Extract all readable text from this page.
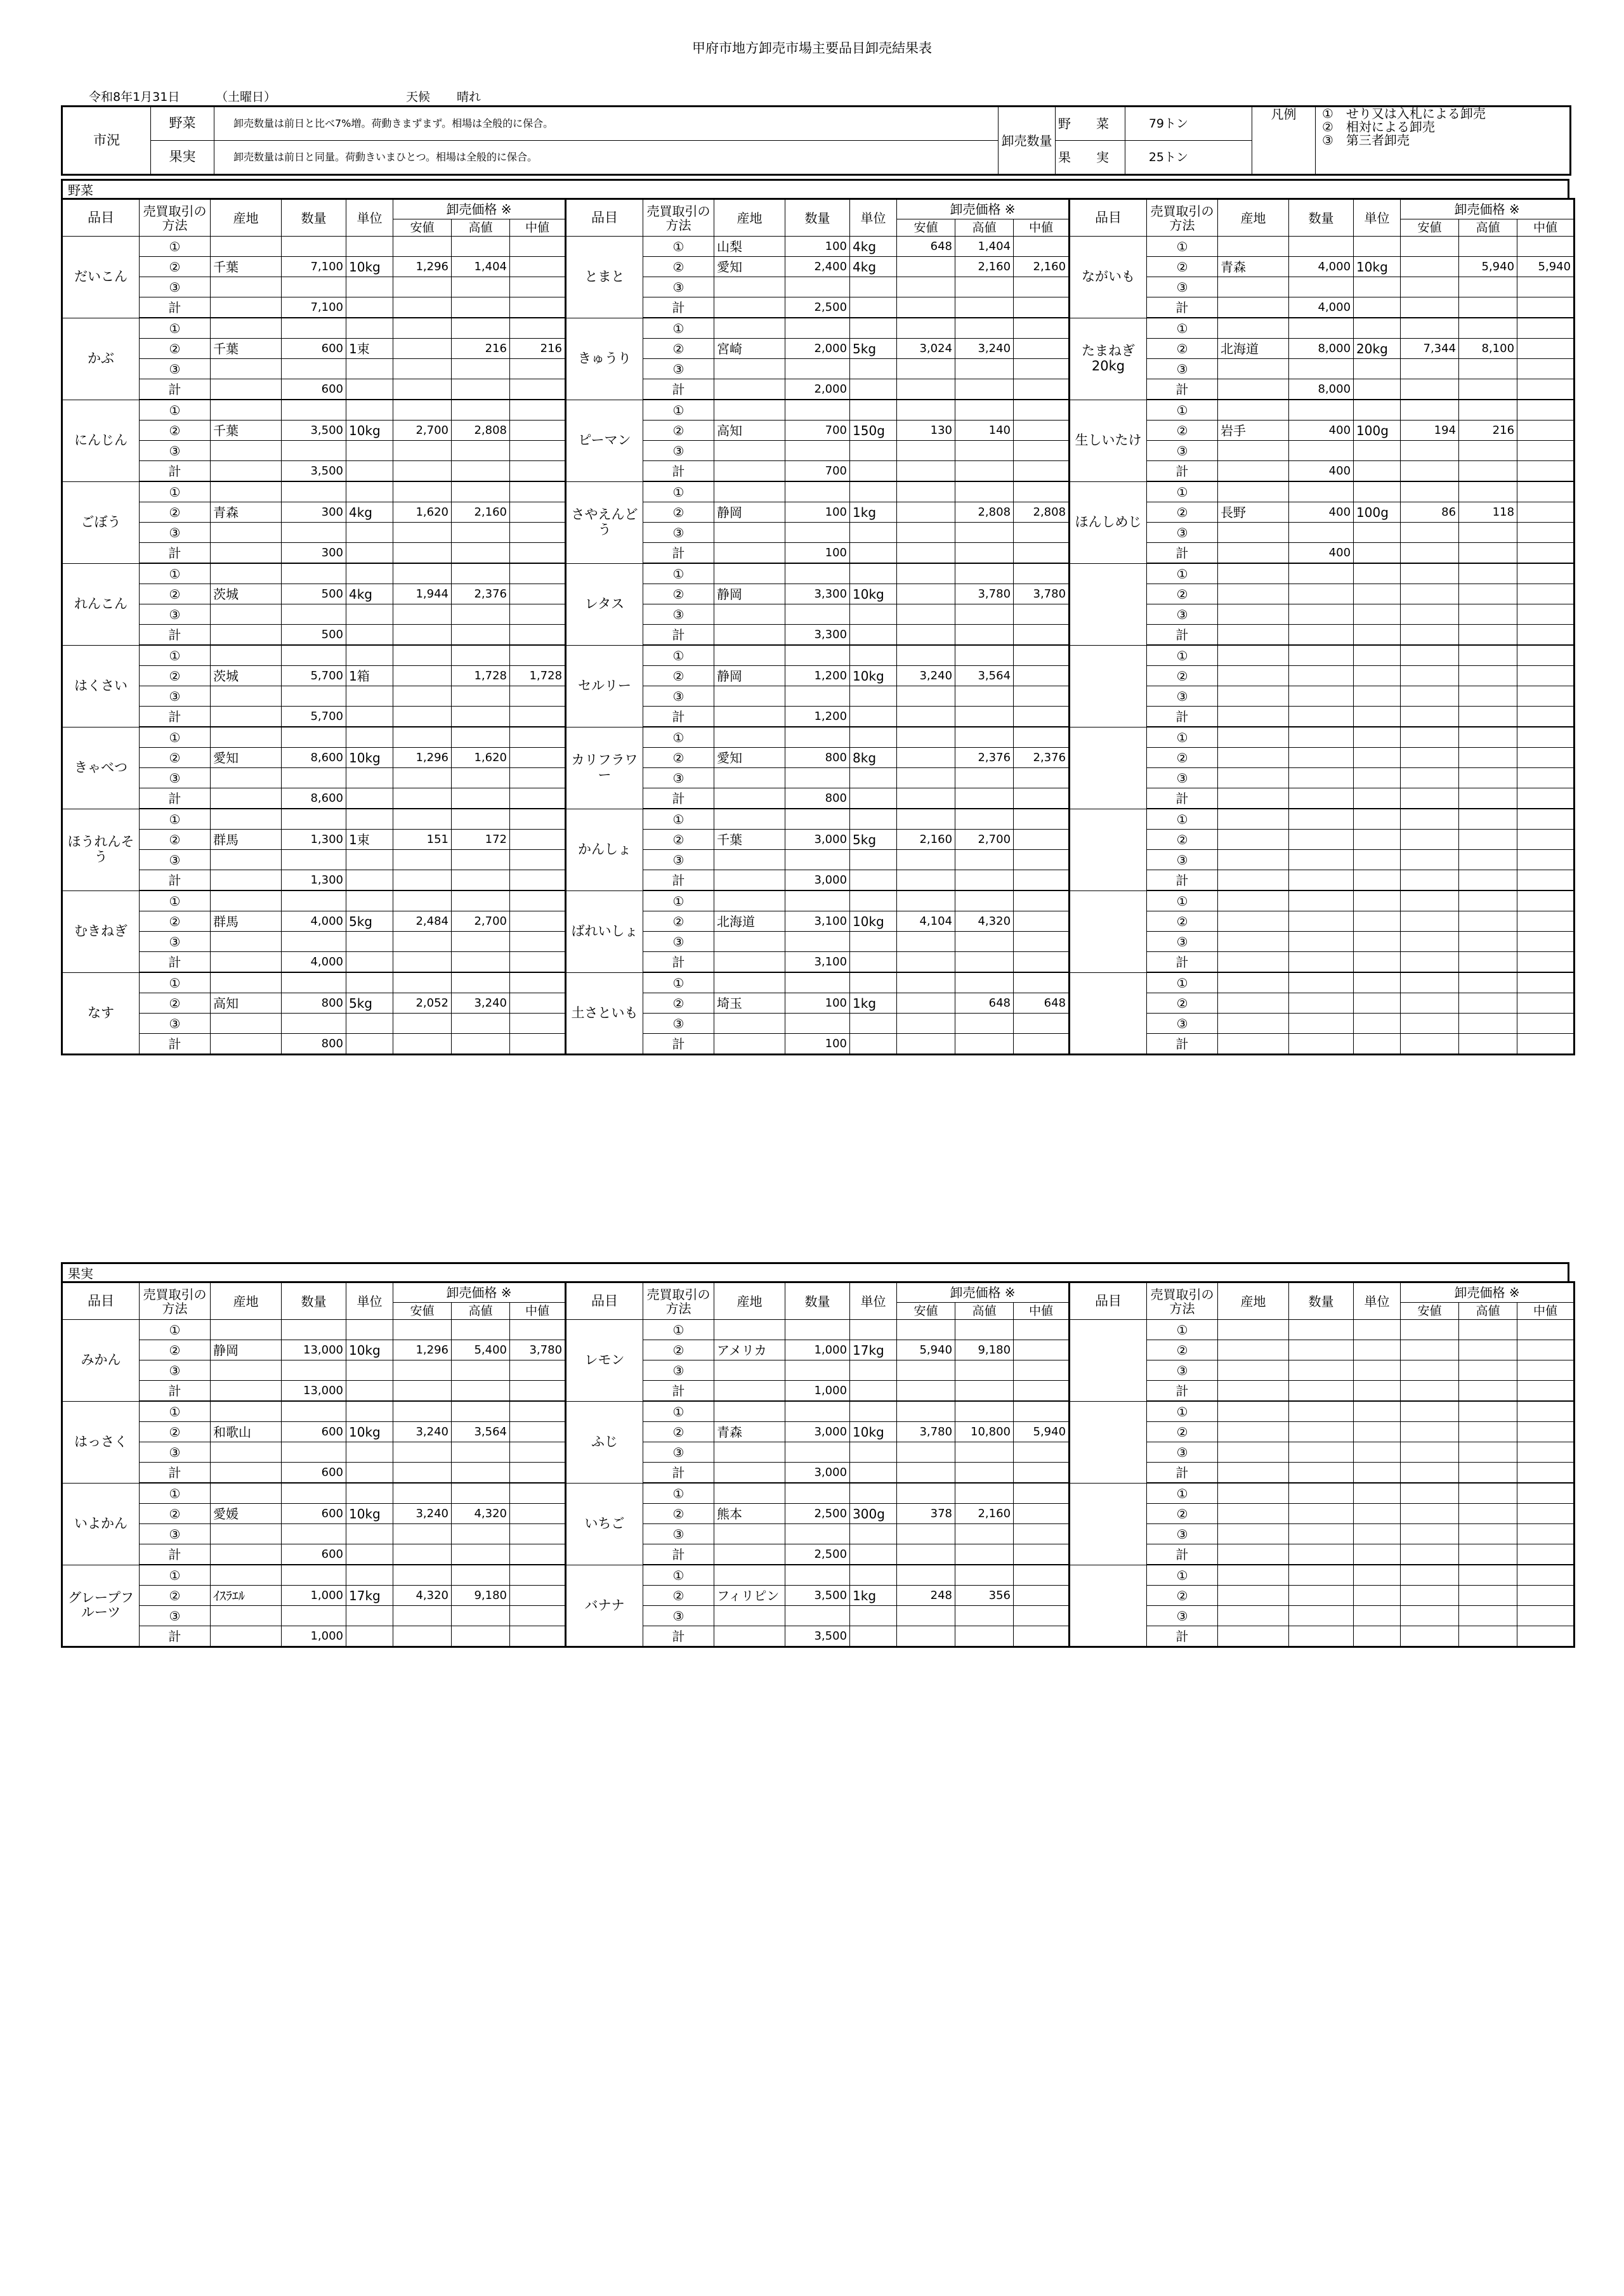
甲府市地方卸売市場主要品目卸売結果表
令和8年1月31日	（土曜日）	天候 晴れ
市況	野菜	卸売数量は前日と比べ7%増。荷動きまずまず。相場は全般的に保合。	卸売数量	野　　菜	79トン	凡例	①　せり又は入札による卸売
②　相対による卸売
③　第三者卸売

	果実	卸売数量は前日と同量。荷動きいまひとつ。相場は全般的に保合。		果　　実	25トン		
野菜
品目	売買取引の方法	産地	数量	単位	卸売価格 ※			品目	売買取引の方法	産地	数量	単位	卸売価格 ※			品目	売買取引の方法	産地	数量	単位	卸売価格 ※		
					安値	高値	中値						安値	高値	中値						安値	高値	中値
だいこん	①							とまと	①	山梨	100	4kg	648	1,404		ながいも	①						
	②	千葉	7,100	10kg	1,296	1,404			②	愛知	2,400	4kg		2,160	2,160		②	青森	4,000	10kg		5,940	5,940
	③								③								③						
	計		7,100						計		2,500						計		4,000				
かぶ	①							きゅうり	①							たまねぎ 20kg	①						
	②	千葉	600	1束		216	216		②	宮崎	2,000	5kg	3,024	3,240			②	北海道	8,000	20kg	7,344	8,100	
	③								③								③						
	計		600						計		2,000						計		8,000				
にんじん	①							ピーマン	①							生しいたけ	①						
	②	千葉	3,500	10kg	2,700	2,808			②	高知	700	150g	130	140			②	岩手	400	100g	194	216	
	③								③								③						
	計		3,500						計		700						計		400				
ごぼう	①							さやえんどう	①							ほんしめじ	①						
	②	青森	300	4kg	1,620	2,160			②	静岡	100	1kg		2,808	2,808		②	長野	400	100g	86	118	
	③								③								③						
	計		300						計		100						計		400				
れんこん	①							レタス	①								①						
	②	茨城	500	4kg	1,944	2,376			②	静岡	3,300	10kg		3,780	3,780		②						
	③								③								③						
	計		500						計		3,300						計						
はくさい	①							セルリー	①								①						
	②	茨城	5,700	1箱		1,728	1,728		②	静岡	1,200	10kg	3,240	3,564			②						
	③								③								③						
	計		5,700						計		1,200						計						
きゃべつ	①							カリフラワー	①								①						
	②	愛知	8,600	10kg	1,296	1,620			②	愛知	800	8kg		2,376	2,376		②						
	③								③								③						
	計		8,600						計		800						計						
ほうれんそう	①							かんしょ	①								①						
	②	群馬	1,300	1束	151	172			②	千葉	3,000	5kg	2,160	2,700			②						
	③								③								③						
	計		1,300						計		3,000						計						
むきねぎ	①							ばれいしょ	①								①						
	②	群馬	4,000	5kg	2,484	2,700			②	北海道	3,100	10kg	4,104	4,320			②						
	③								③								③						
	計		4,000						計		3,100						計						
なす	①							土さといも	①								①						
	②	高知	800	5kg	2,052	3,240			②	埼玉	100	1kg		648	648		②						
	③								③								③						
	計		800						計		100						計						
果実
品目	売買取引の方法	産地	数量	単位	卸売価格 ※			品目	売買取引の方法	産地	数量	単位	卸売価格 ※			品目	売買取引の方法	産地	数量	単位	卸売価格 ※		
					安値	高値	中値						安値	高値	中値						安値	高値	中値
みかん	①							レモン	①								①						
	②	静岡	13,000	10kg	1,296	5,400	3,780		②	アメリカ	1,000	17kg	5,940	9,180			②						
	③								③								③						
	計		13,000						計		1,000						計						
はっさく	①							ふじ	①								①						
	②	和歌山	600	10kg	3,240	3,564			②	青森	3,000	10kg	3,780	10,800	5,940		②						
	③								③								③						
	計		600						計		3,000						計						
いよかん	①							いちご	①								①						
	②	愛媛	600	10kg	3,240	4,320			②	熊本	2,500	300g	378	2,160			②						
	③								③								③						
	計		600						計		2,500						計						
グレープフルーツ	①							バナナ	①								①						
	②	ｲｽﾗｴﾙ	1,000	17kg	4,320	9,180			②	フィリピン	3,500	1kg	248	356			②						
	③								③								③						
	計		1,000						計		3,500						計						
